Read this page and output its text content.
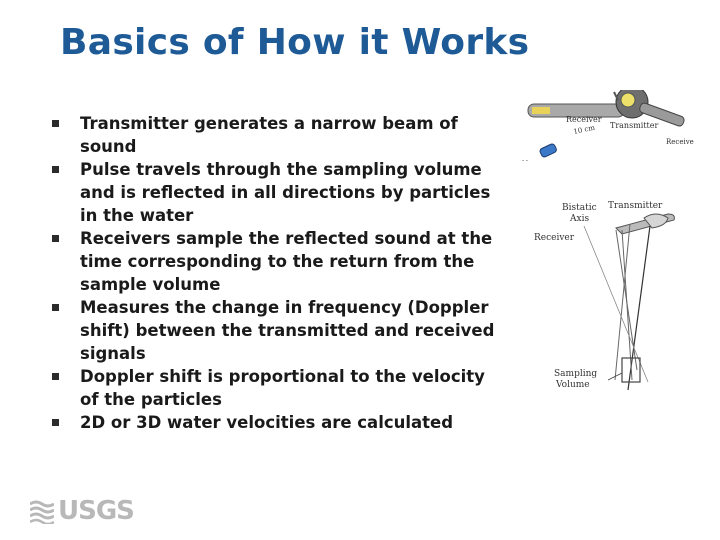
Basics of How it Works
Transmitter generates a narrow beam of sound
Pulse travels through the sampling volume and is reflected in all directions by particles in the water
Receivers sample the reflected sound at the time corresponding to the return from the sample volume
Measures the change in frequency (Doppler shift) between the transmitted and received signals
Doppler shift is proportional to the velocity of the particles
2D or 3D water velocities are calculated
- -
Receiver
10 cm Transmitter
Receive
Bistatic
Axis
Transmitter
Receiver
Sampling
Volume
USGS
